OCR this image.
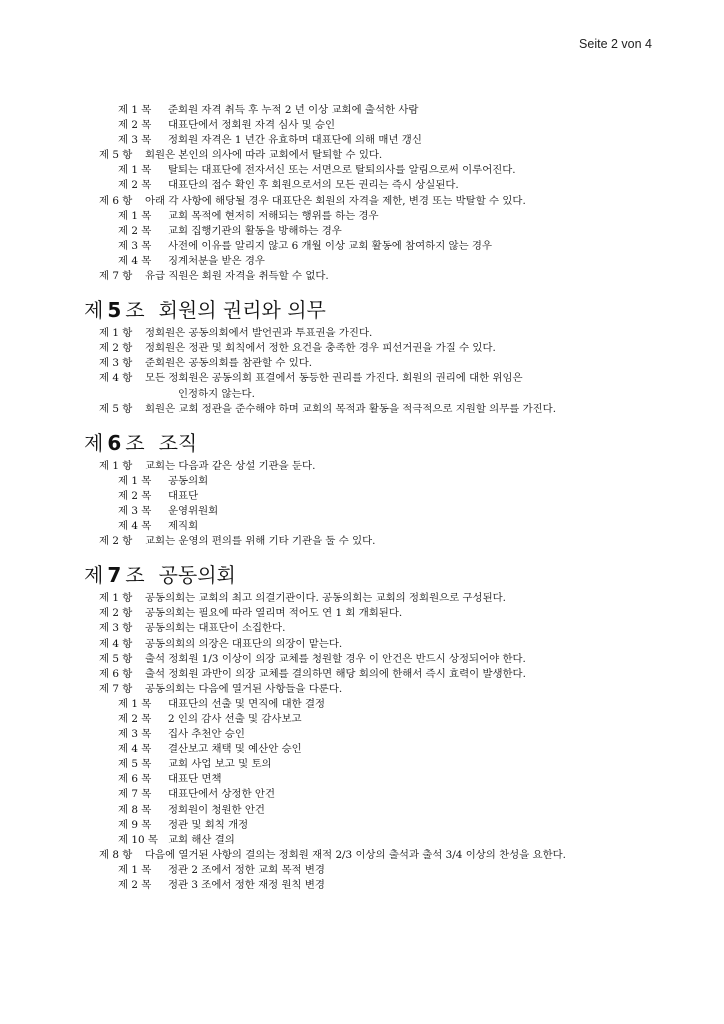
Seite 2 von 4
제 1 목 준회원 자격 취득 후 누적 2 년 이상 교회에 출석한 사람
제 2 목 대표단에서 정회원 자격 심사 및 승인
제 3 목 정회원 자격은 1 년간 유효하며 대표단에 의해 매년 갱신
제 5 항 회원은 본인의 의사에 따라 교회에서 탈퇴할 수 있다.
제 1 목 탈퇴는 대표단에 전자서신 또는 서면으로 탈퇴의사를 알림으로써 이루어진다.
제 2 목 대표단의 접수 확인 후 회원으로서의 모든 권리는 즉시 상실된다.
제 6 항 아래 각 사항에 해당될 경우 대표단은 회원의 자격을 제한, 변경 또는 박탈할 수 있다.
제 1 목 교회 목적에 현저히 저해되는 행위를 하는 경우
제 2 목 교회 집행기관의 활동을 방해하는 경우
제 3 목 사전에 이유를 알리지 않고 6 개월 이상 교회 활동에 참여하지 않는 경우
제 4 목 징계처분을 받은 경우
제 7 항 유급 직원은 회원 자격을 취득할 수 없다.
제 5 조 회원의 권리와 의무
제 1 항 정회원은 공동의회에서 발언권과 투표권을 가진다.
제 2 항 정회원은 정관 및 회칙에서 정한 요건을 충족한 경우 피선거권을 가질 수 있다.
제 3 항 준회원은 공동의회를 참관할 수 있다.
제 4 항 모든 정회원은 공동의회 표결에서 동등한 권리를 가진다. 회원의 권리에 대한 위임은
인정하지 않는다.
제 5 항 회원은 교회 정관을 준수해야 하며 교회의 목적과 활동을 적극적으로 지원할 의무를 가진다.
제 6 조 조직
제 1 항 교회는 다음과 같은 상설 기관을 둔다.
제 1 목 공동의회
제 2 목 대표단
제 3 목 운영위원회
제 4 목 제직회
제 2 항 교회는 운영의 편의를 위해 기타 기관을 둘 수 있다.
제 7 조 공동의회
제 1 항 공동의회는 교회의 최고 의결기관이다. 공동의회는 교회의 정회원으로 구성된다.
제 2 항 공동의회는 필요에 따라 열리며 적어도 연 1 회 개회된다.
제 3 항 공동의회는 대표단이 소집한다.
제 4 항 공동의회의 의장은 대표단의 의장이 맡는다.
제 5 항 출석 정회원 1/3 이상이 의장 교체를 청원할 경우 이 안건은 반드시 상정되어야 한다.
제 6 항 출석 정회원 과반이 의장 교체를 결의하면 해당 회의에 한해서 즉시 효력이 발생한다.
제 7 항 공동의회는 다음에 열거된 사항들을 다룬다.
제 1 목 대표단의 선출 및 면직에 대한 결정
제 2 목 2 인의 감사 선출 및 감사보고
제 3 목 집사 추천안 승인
제 4 목 결산보고 채택 및 예산안 승인
제 5 목 교회 사업 보고 및 토의
제 6 목 대표단 면책
제 7 목 대표단에서 상정한 안건
제 8 목 정회원이 청원한 안건
제 9 목 정관 및 회칙 개정
제 10 목 교회 해산 결의
제 8 항 다음에 열거된 사항의 결의는 정회원 재적 2/3 이상의 출석과 출석 3/4 이상의 찬성을 요한다.
제 1 목 정관 2 조에서 정한 교회 목적 변경
제 2 목 정관 3 조에서 정한 재정 원칙 변경
